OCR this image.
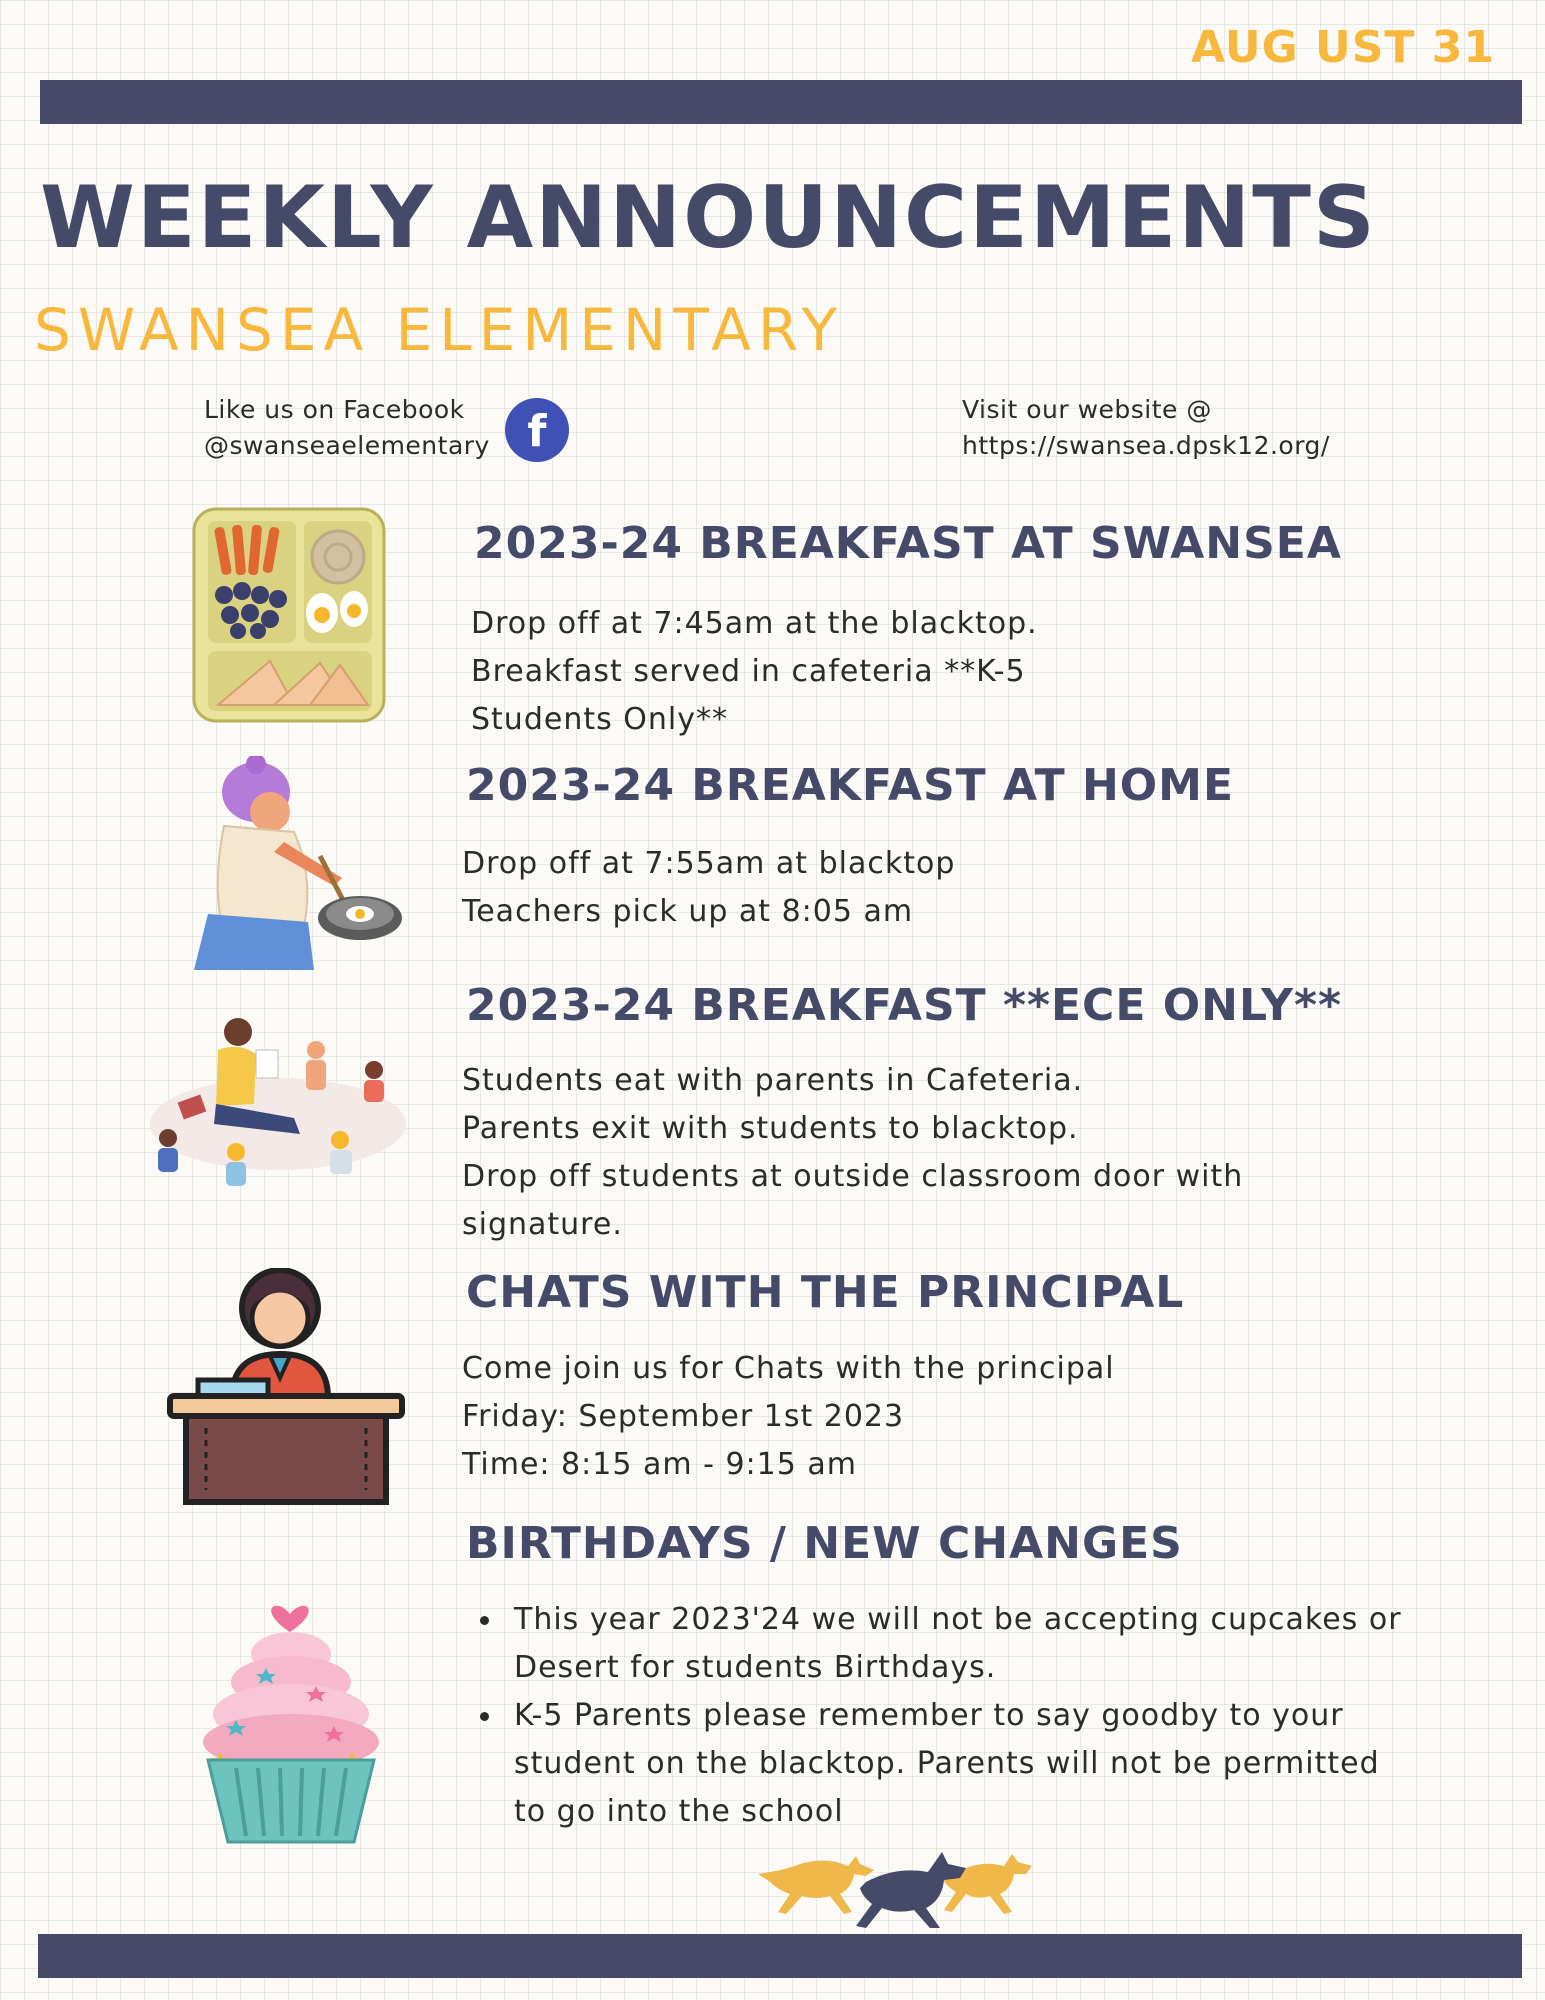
AUG UST 31
WEEKLY ANNOUNCEMENTS
SWANSEA ELEMENTARY
Like us on Facebook
@swanseaelementary f	Visit our website @
https://swansea.dpsk12.org/
2023-24 BREAKFAST AT SWANSEA
Drop off at 7:45am at the blacktop.
Breakfast served in cafeteria **K-5
Students Only**
2023-24 BREAKFAST AT HOME
Drop off at 7:55am at blacktop
Teachers pick up at 8:05 am
2023-24 BREAKFAST **ECE ONLY**
Students eat with parents in Cafeteria.
Parents exit with students to blacktop.
Drop off students at outside classroom door with
signature.
CHATS WITH THE PRINCIPAL
Come join us for Chats with the principal
Friday: September 1st 2023
Time: 8:15 am - 9:15 am
BIRTHDAYS / NEW CHANGES
This year 2023'24 we will not be accepting cupcakes or Desert for students Birthdays.
K-5 Parents please remember to say goodby to your student on the blacktop. Parents will not be permitted to go into the school
